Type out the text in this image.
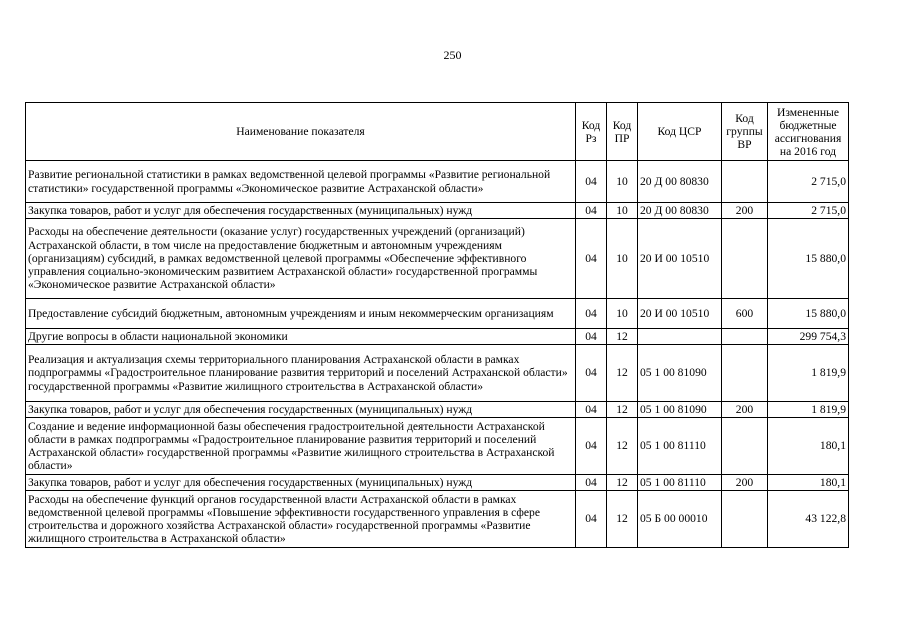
250
Наименование показателя	Код Рз	Код ПР	Код ЦСР	Код группы ВР	Измененные бюджетные ассигнования на 2016 год
Развитие региональной статистики в рамках ведомственной целевой программы «Развитие региональной статистики» государственной программы «Экономическое развитие Астраханской области»	04	10	20 Д 00 80830		2 715,0
Закупка товаров, работ и услуг для обеспечения государственных (муниципальных) нужд	04	10	20 Д 00 80830	200	2 715,0
Расходы на обеспечение деятельности (оказание услуг) государственных учреждений (организаций) Астраханской области, в том числе на предоставление бюджетным и автономным учреждениям (организациям) субсидий, в рамках ведомственной целевой программы «Обеспечение эффективного управления социально-экономическим развитием Астраханской области» государственной программы «Экономическое развитие Астраханской области»	04	10	20 И 00 10510		15 880,0
Предоставление субсидий бюджетным, автономным учреждениям и иным некоммерческим организациям	04	10	20 И 00 10510	600	15 880,0
Другие вопросы в области национальной экономики	04	12			299 754,3
Реализация и актуализация схемы территориального планирования Астраханской области в рамках подпрограммы «Градостроительное планирование развития территорий и поселений Астраханской области» государственной программы «Развитие жилищного строительства в Астраханской области»	04	12	05 1 00 81090		1 819,9
Закупка товаров, работ и услуг для обеспечения государственных (муниципальных) нужд	04	12	05 1 00 81090	200	1 819,9
Создание и ведение информационной базы обеспечения градостроительной деятельности Астраханской области в рамках подпрограммы «Градостроительное планирование развития территорий и поселений Астраханской области» государственной программы «Развитие жилищного строительства в Астраханской области»	04	12	05 1 00 81110		180,1
Закупка товаров, работ и услуг для обеспечения государственных (муниципальных) нужд	04	12	05 1 00 81110	200	180,1
Расходы на обеспечение функций органов государственной власти Астраханской области в рамках ведомственной целевой программы «Повышение эффективности государственного управления в сфере строительства и дорожного хозяйства Астраханской области» государственной программы «Развитие жилищного строительства в Астраханской области»	04	12	05 Б 00 00010		43 122,8
